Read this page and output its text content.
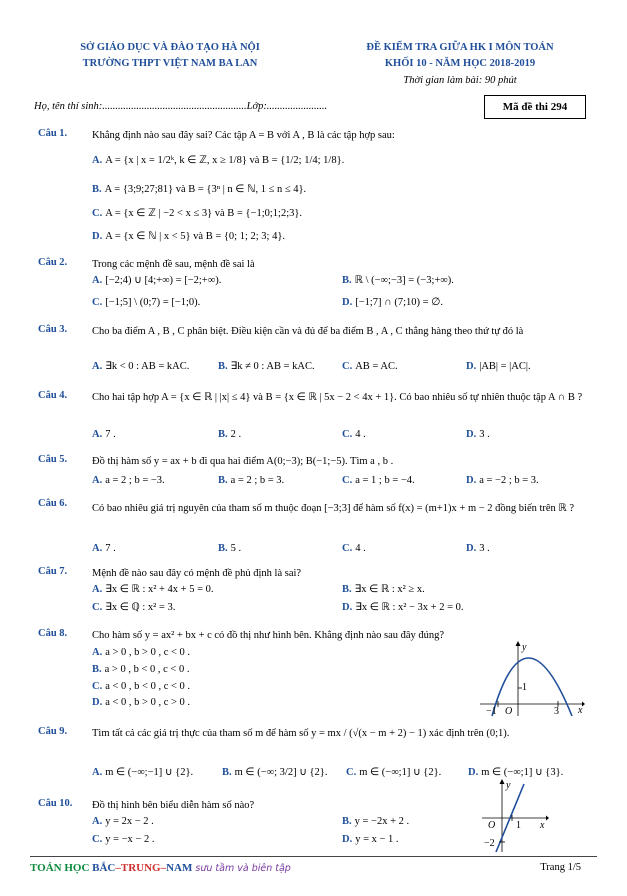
SỞ GIÁO DỤC VÀ ĐÀO TẠO HÀ NỘI
TRƯỜNG THPT VIỆT NAM BA LAN
ĐỀ KIỂM TRA GIỮA HK I MÔN TOÁN
KHỐI 10 - NĂM HỌC 2018-2019
Thời gian làm bài: 90 phút
Họ, tên thí sinh:.......................................................Lớp:.......................	Mã đề thi 294
Câu 1. Khẳng định nào sau đây sai? Các tập A = B với A , B là các tập hợp sau:
A. A = {x | x = 1/2ᵏ, k ∈ ℤ, x ≥ 1/8} và B = {1/2; 1/4; 1/8}.
B. A = {3;9;27;81} và B = {3ⁿ | n ∈ ℕ, 1 ≤ n ≤ 4}.
C. A = {x ∈ ℤ | −2 < x ≤ 3} và B = {−1;0;1;2;3}.
D. A = {x ∈ ℕ | x < 5} và B = {0; 1; 2; 3; 4}.
Câu 2. Trong các mệnh đề sau, mệnh đề sai là
A. [−2;4) ∪ [4;+∞) = [−2;+∞).	B. ℝ \ (−∞;−3] = (−3;+∞).
C. [−1;5] \ (0;7) = [−1;0).	D. [−1;7] ∩ (7;10) = ∅.
Câu 3. Cho ba điểm A , B , C phân biệt. Điều kiện cần và đủ để ba điểm B , A , C thẳng hàng theo thứ tự đó là
A. ∃k < 0 : AB = kAC.	B. ∃k ≠ 0 : AB = kAC.	C. AB = AC.	D. |AB| = |AC|.
Câu 4. Cho hai tập hợp A = {x ∈ ℝ | |x| ≤ 4} và B = {x ∈ ℝ | 5x − 2 < 4x + 1}. Có bao nhiêu số tự nhiên thuộc tập A ∩ B ?
A. 7 .	B. 2 .	C. 4 .	D. 3 .
Câu 5. Đồ thị hàm số y = ax + b đi qua hai điểm A(0;−3); B(−1;−5). Tìm a , b .
A. a = 2 ; b = −3.	B. a = 2 ; b = 3.	C. a = 1 ; b = −4.	D. a = −2 ; b = 3.
Câu 6. Có bao nhiêu giá trị nguyên của tham số m thuộc đoạn [−3;3] để hàm số f(x) = (m+1)x + m − 2 đồng biến trên ℝ ?
A. 7 .	B. 5 .	C. 4 .	D. 3 .
Câu 7. Mệnh đề nào sau đây có mệnh đề phủ định là sai?
A. ∃x ∈ ℝ : x² + 4x + 5 = 0.	B. ∃x ∈ ℝ : x² ≥ x.
C. ∃x ∈ ℚ : x² = 3.	D. ∃x ∈ ℝ : x² − 3x + 2 = 0.
Câu 8. Cho hàm số y = ax² + bx + c có đồ thị như hình bên. Khẳng định nào sau đây đúng?
A. a > 0 , b > 0 , c < 0 .
B. a > 0 , b < 0 , c < 0 .
C. a < 0 , b < 0 , c < 0 .
D. a < 0 , b > 0 , c > 0 .
y
x
O
−1	3
1
Câu 9. Tìm tất cả các giá trị thực của tham số m để hàm số y = mx / (√(x − m + 2) − 1) xác định trên (0;1).
A. m ∈ (−∞;−1] ∪ {2}.	B. m ∈ (−∞; 3/2] ∪ {2}. C. m ∈ (−∞;1] ∪ {2}.	D. m ∈ (−∞;1] ∪ {3}.
Câu 10. Đồ thị hình bên biểu diễn hàm số nào?
A. y = 2x − 2 .	B. y = −2x + 2 .
C. y = −x − 2 .	D. y = x − 1 .
y
x
O 1
−2
TOÁN HỌC BẮC–TRUNG–NAM sưu tầm và biên tập	Trang 1/5
